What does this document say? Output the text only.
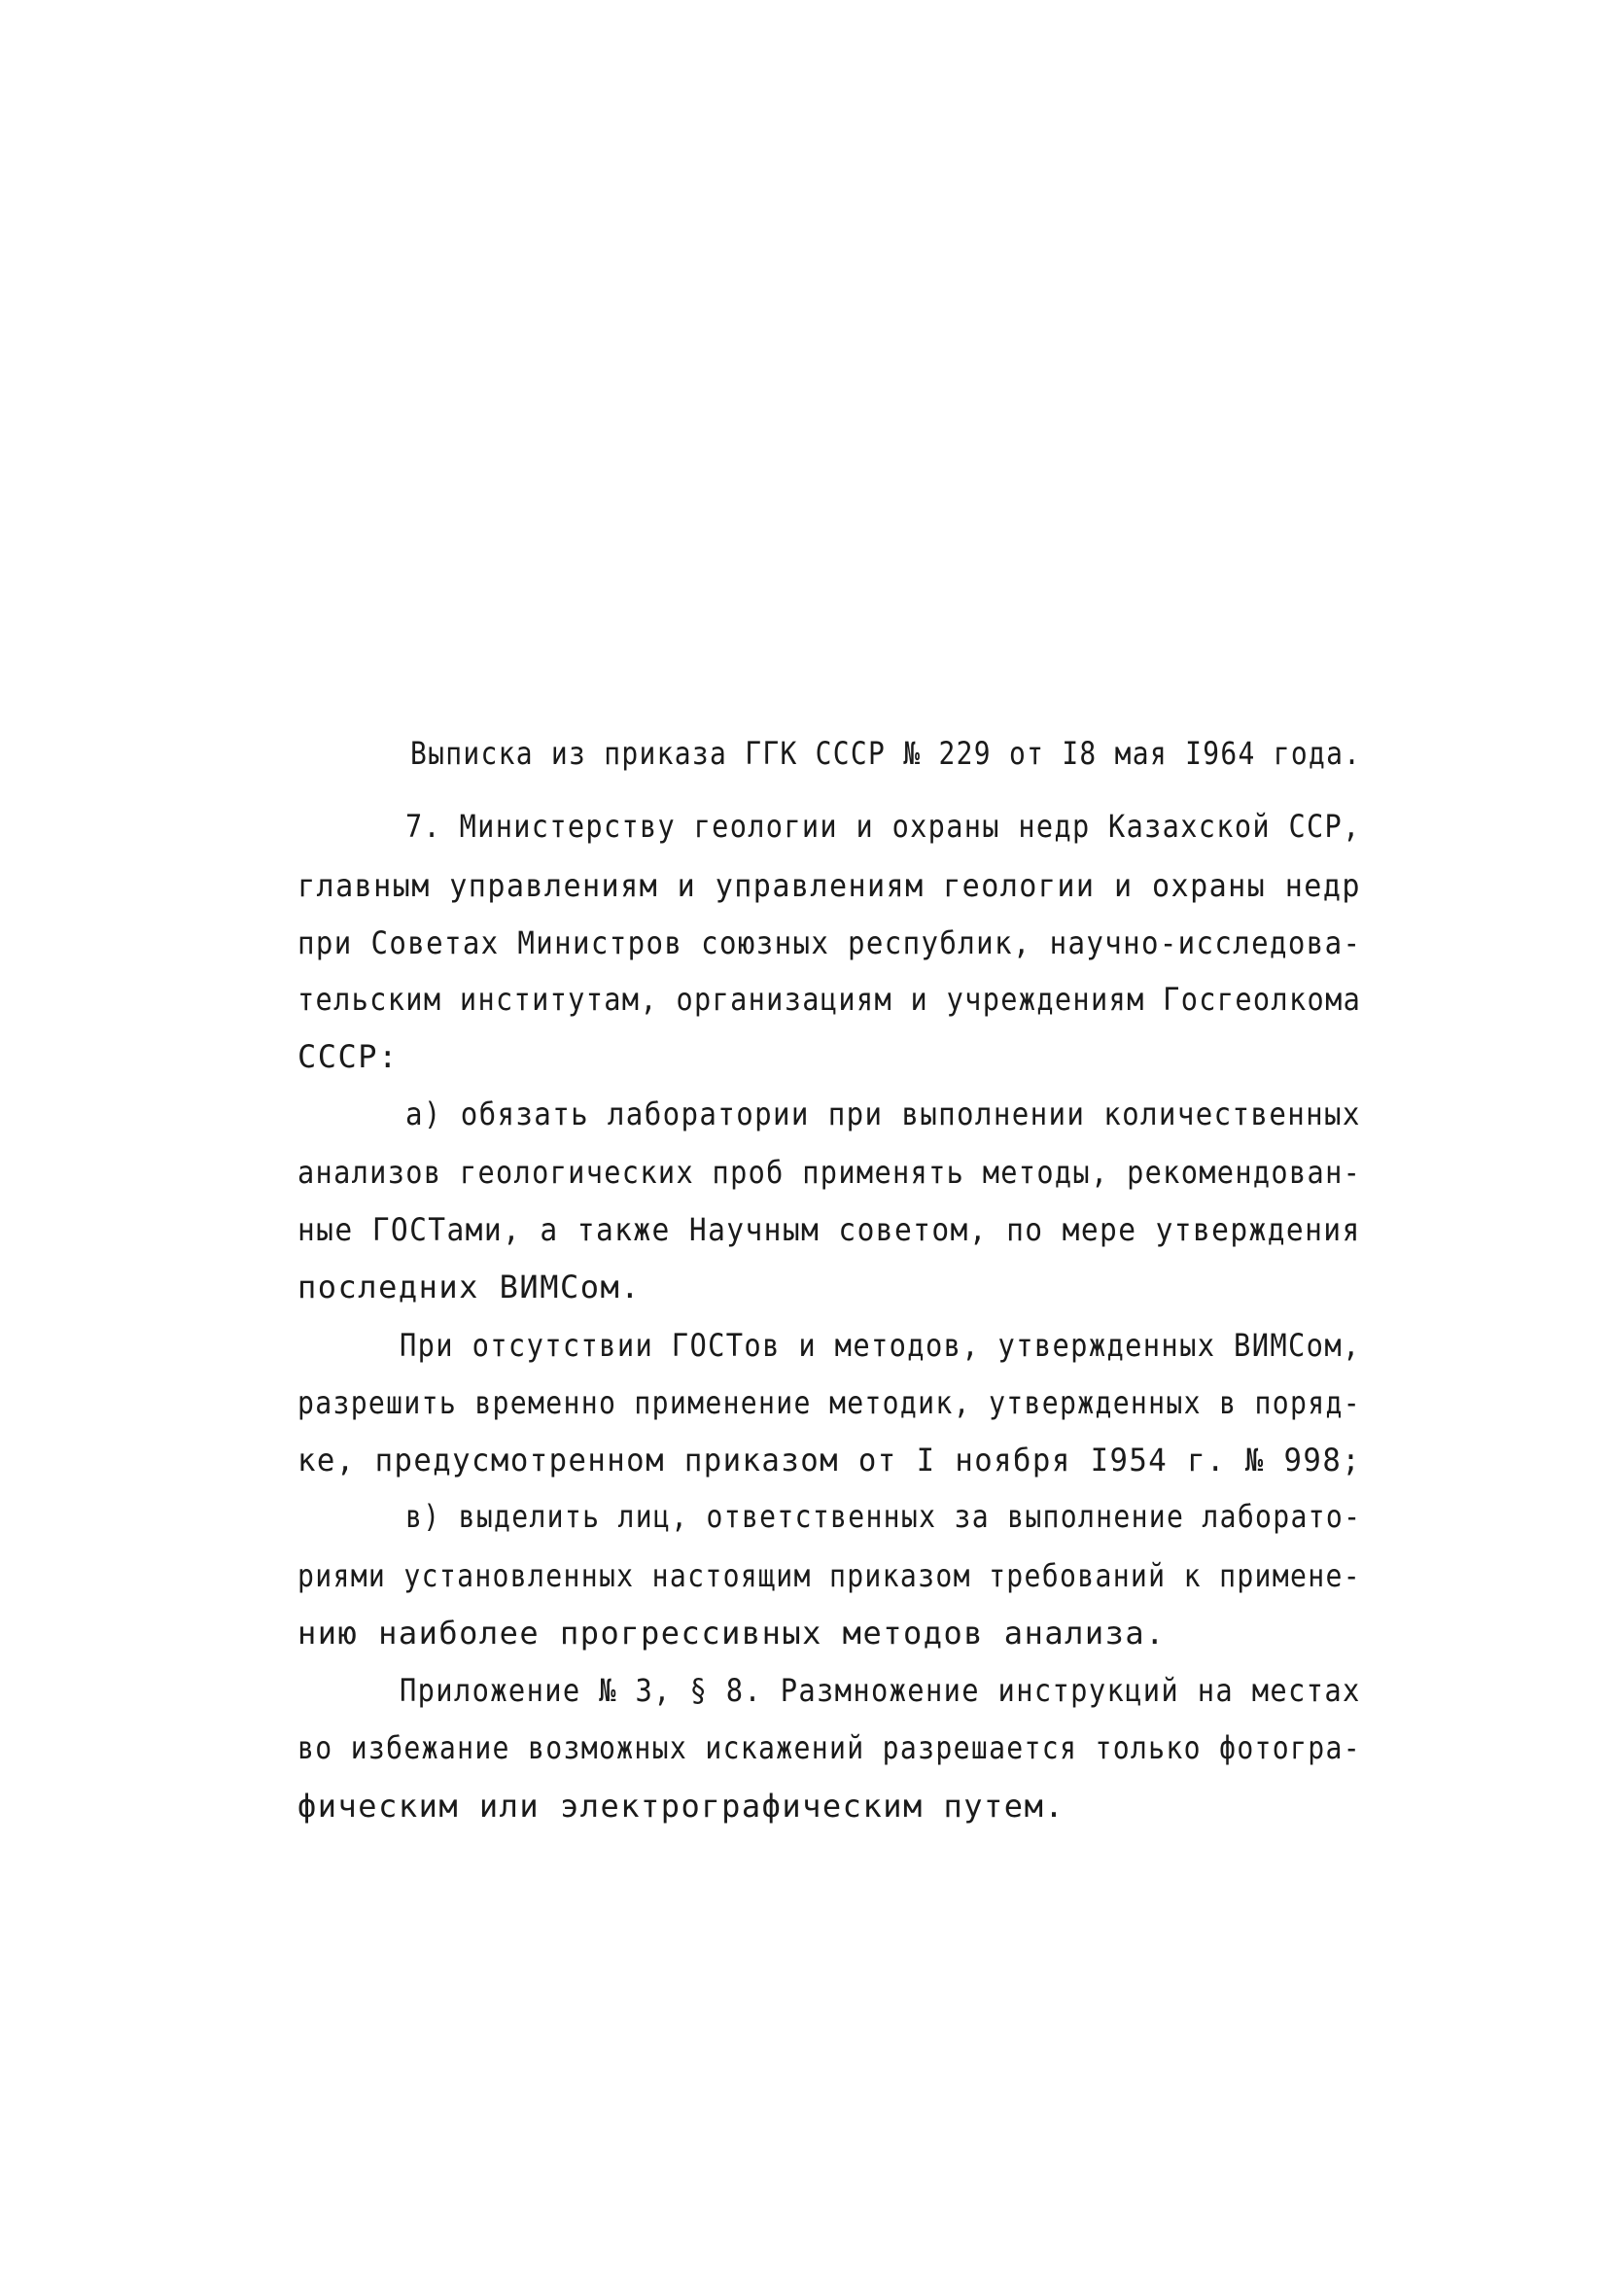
Выписка из приказа ГГК СССР № 229 от I8 мая I964 года.
7. Министерству геологии и охраны недр Казахской ССР,
главным управлениям и управлениям геологии и охраны недр
при Советах Министров союзных республик, научно-исследова-
тельским институтам, организациям и учреждениям Госгеолкома
СССР:
а) обязать лаборатории при выполнении количественных
анализов геологических проб применять методы, рекомендован-
ные ГОСТами, а также Научным советом, по мере утверждения
последних ВИМСом.
При отсутствии ГОСТов и методов, утвержденных ВИМСом,
разрешить временно применение методик, утвержденных в поряд-
ке, предусмотренном приказом от I ноября I954 г. № 998;
в) выделить лиц, ответственных за выполнение лаборато-
риями установленных настоящим приказом требований к примене-
нию наиболее прогрессивных методов анализа.
Приложение № 3, § 8. Размножение инструкций на местах
во избежание возможных искажений разрешается только фотогра-
фическим или электрографическим путем.
